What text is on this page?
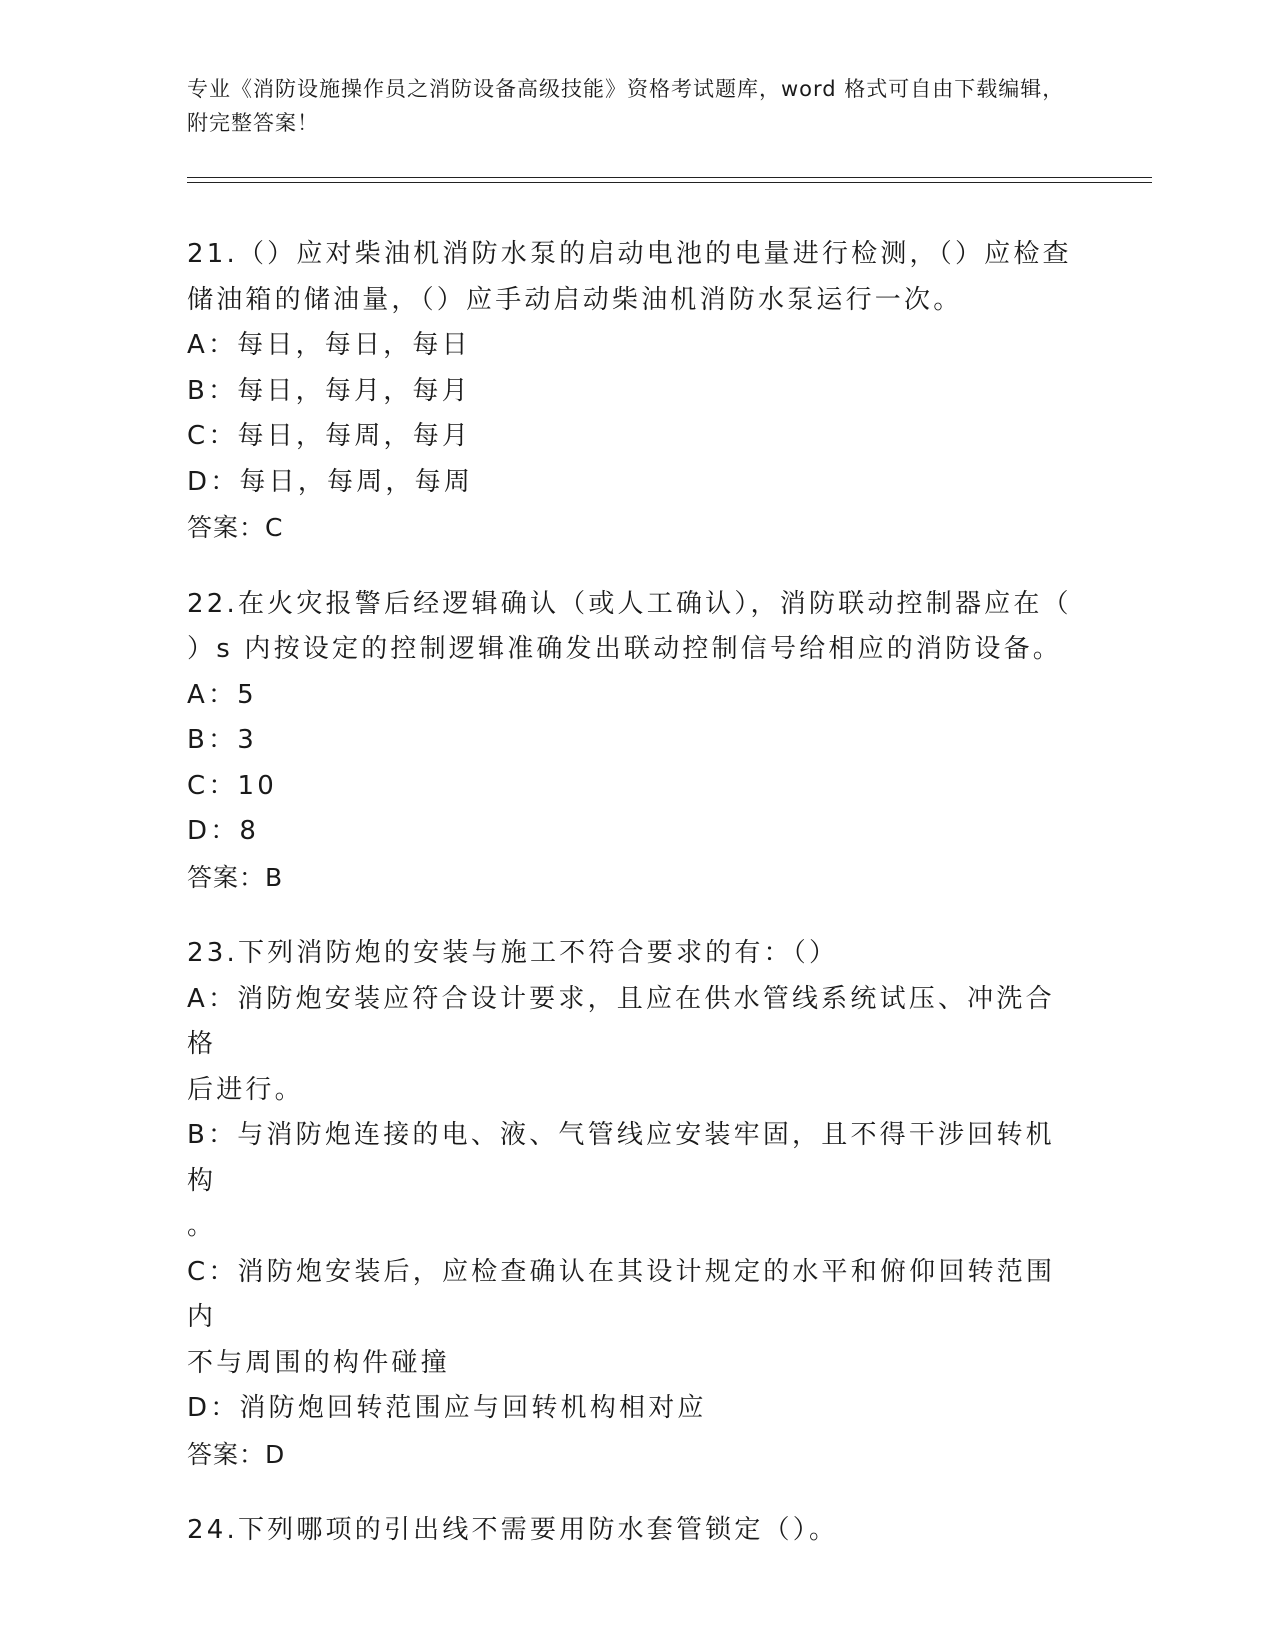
专业《消防设施操作员之消防设备高级技能》资格考试题库，word 格式可自由下载编辑，附完整答案！
21.（）应对柴油机消防水泵的启动电池的电量进行检测，（）应检查
储油箱的储油量，（）应手动启动柴油机消防水泵运行一次。
A：每日，每日，每日
B：每日，每月，每月
C：每日，每周，每月
D：每日，每周，每周
答案：C
22.在火灾报警后经逻辑确认（或人工确认），消防联动控制器应在（
）s 内按设定的控制逻辑准确发出联动控制信号给相应的消防设备。
A：5
B：3
C：10
D：8
答案：B
23.下列消防炮的安装与施工不符合要求的有：（）
A：消防炮安装应符合设计要求，且应在供水管线系统试压、冲洗合格
后进行。
B：与消防炮连接的电、液、气管线应安装牢固，且不得干涉回转机构
。
C：消防炮安装后，应检查确认在其设计规定的水平和俯仰回转范围内
不与周围的构件碰撞
D：消防炮回转范围应与回转机构相对应
答案：D
24.下列哪项的引出线不需要用防水套管锁定（）。
